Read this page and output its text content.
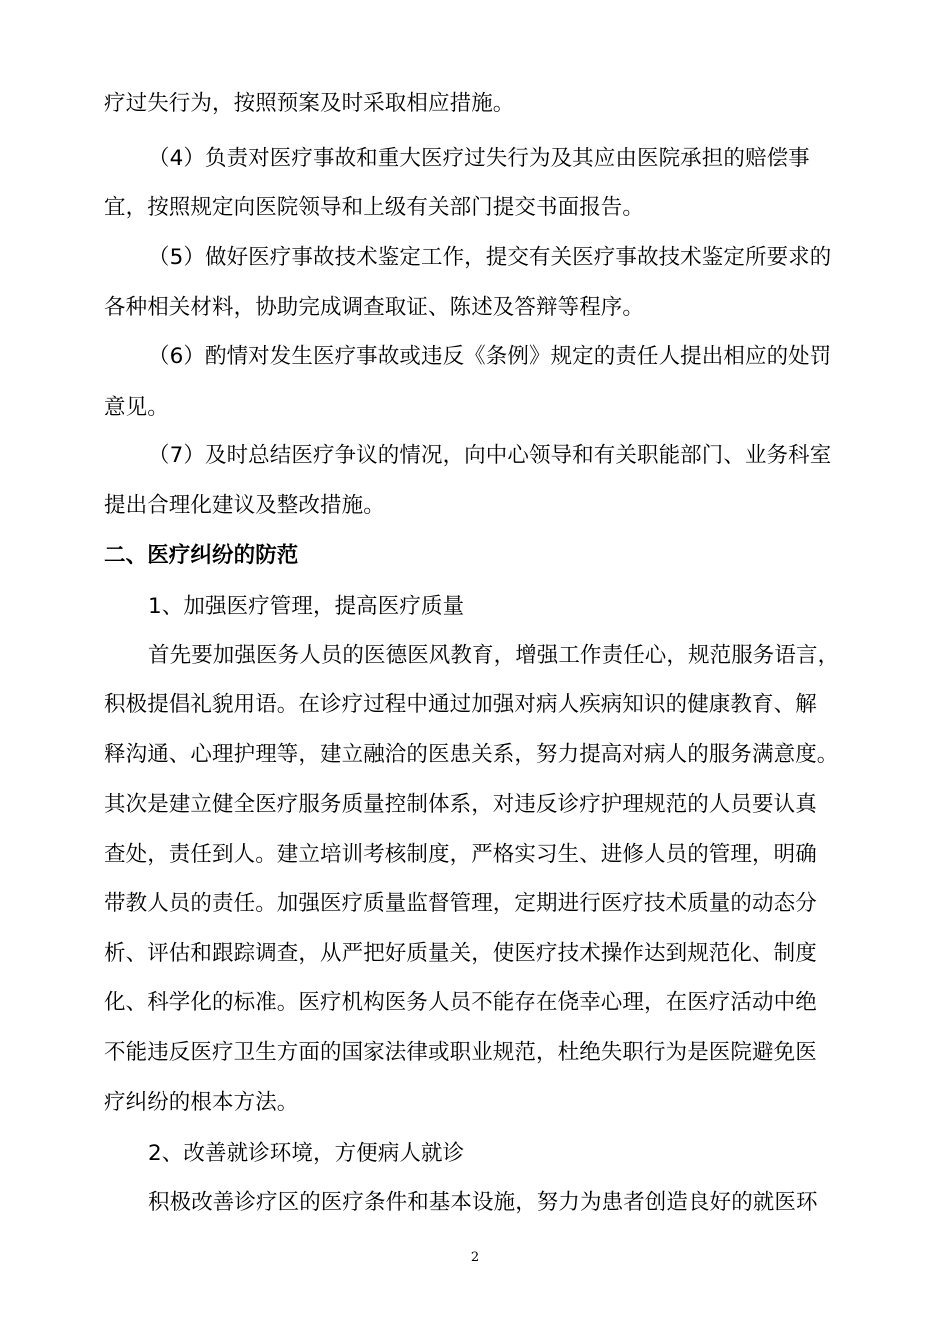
疗过失行为，按照预案及时采取相应措施。
（4）负责对医疗事故和重大医疗过失行为及其应由医院承担的赔偿事
宜，按照规定向医院领导和上级有关部门提交书面报告。
（5）做好医疗事故技术鉴定工作，提交有关医疗事故技术鉴定所要求的
各种相关材料，协助完成调查取证、陈述及答辩等程序。
（6）酌情对发生医疗事故或违反《条例》规定的责任人提出相应的处罚
意见。
（7）及时总结医疗争议的情况，向中心领导和有关职能部门、业务科室
提出合理化建议及整改措施。
二、医疗纠纷的防范
1、加强医疗管理，提高医疗质量
首先要加强医务人员的医德医风教育，增强工作责任心，规范服务语言，
积极提倡礼貌用语。在诊疗过程中通过加强对病人疾病知识的健康教育、解
释沟通、心理护理等，建立融洽的医患关系，努力提高对病人的服务满意度。
其次是建立健全医疗服务质量控制体系，对违反诊疗护理规范的人员要认真
查处，责任到人。建立培训考核制度，严格实习生、进修人员的管理，明确
带教人员的责任。加强医疗质量监督管理，定期进行医疗技术质量的动态分
析、评估和跟踪调查，从严把好质量关，使医疗技术操作达到规范化、制度
化、科学化的标准。医疗机构医务人员不能存在侥幸心理，在医疗活动中绝
不能违反医疗卫生方面的国家法律或职业规范，杜绝失职行为是医院避免医
疗纠纷的根本方法。
2、改善就诊环境，方便病人就诊
积极改善诊疗区的医疗条件和基本设施，努力为患者创造良好的就医环
2
